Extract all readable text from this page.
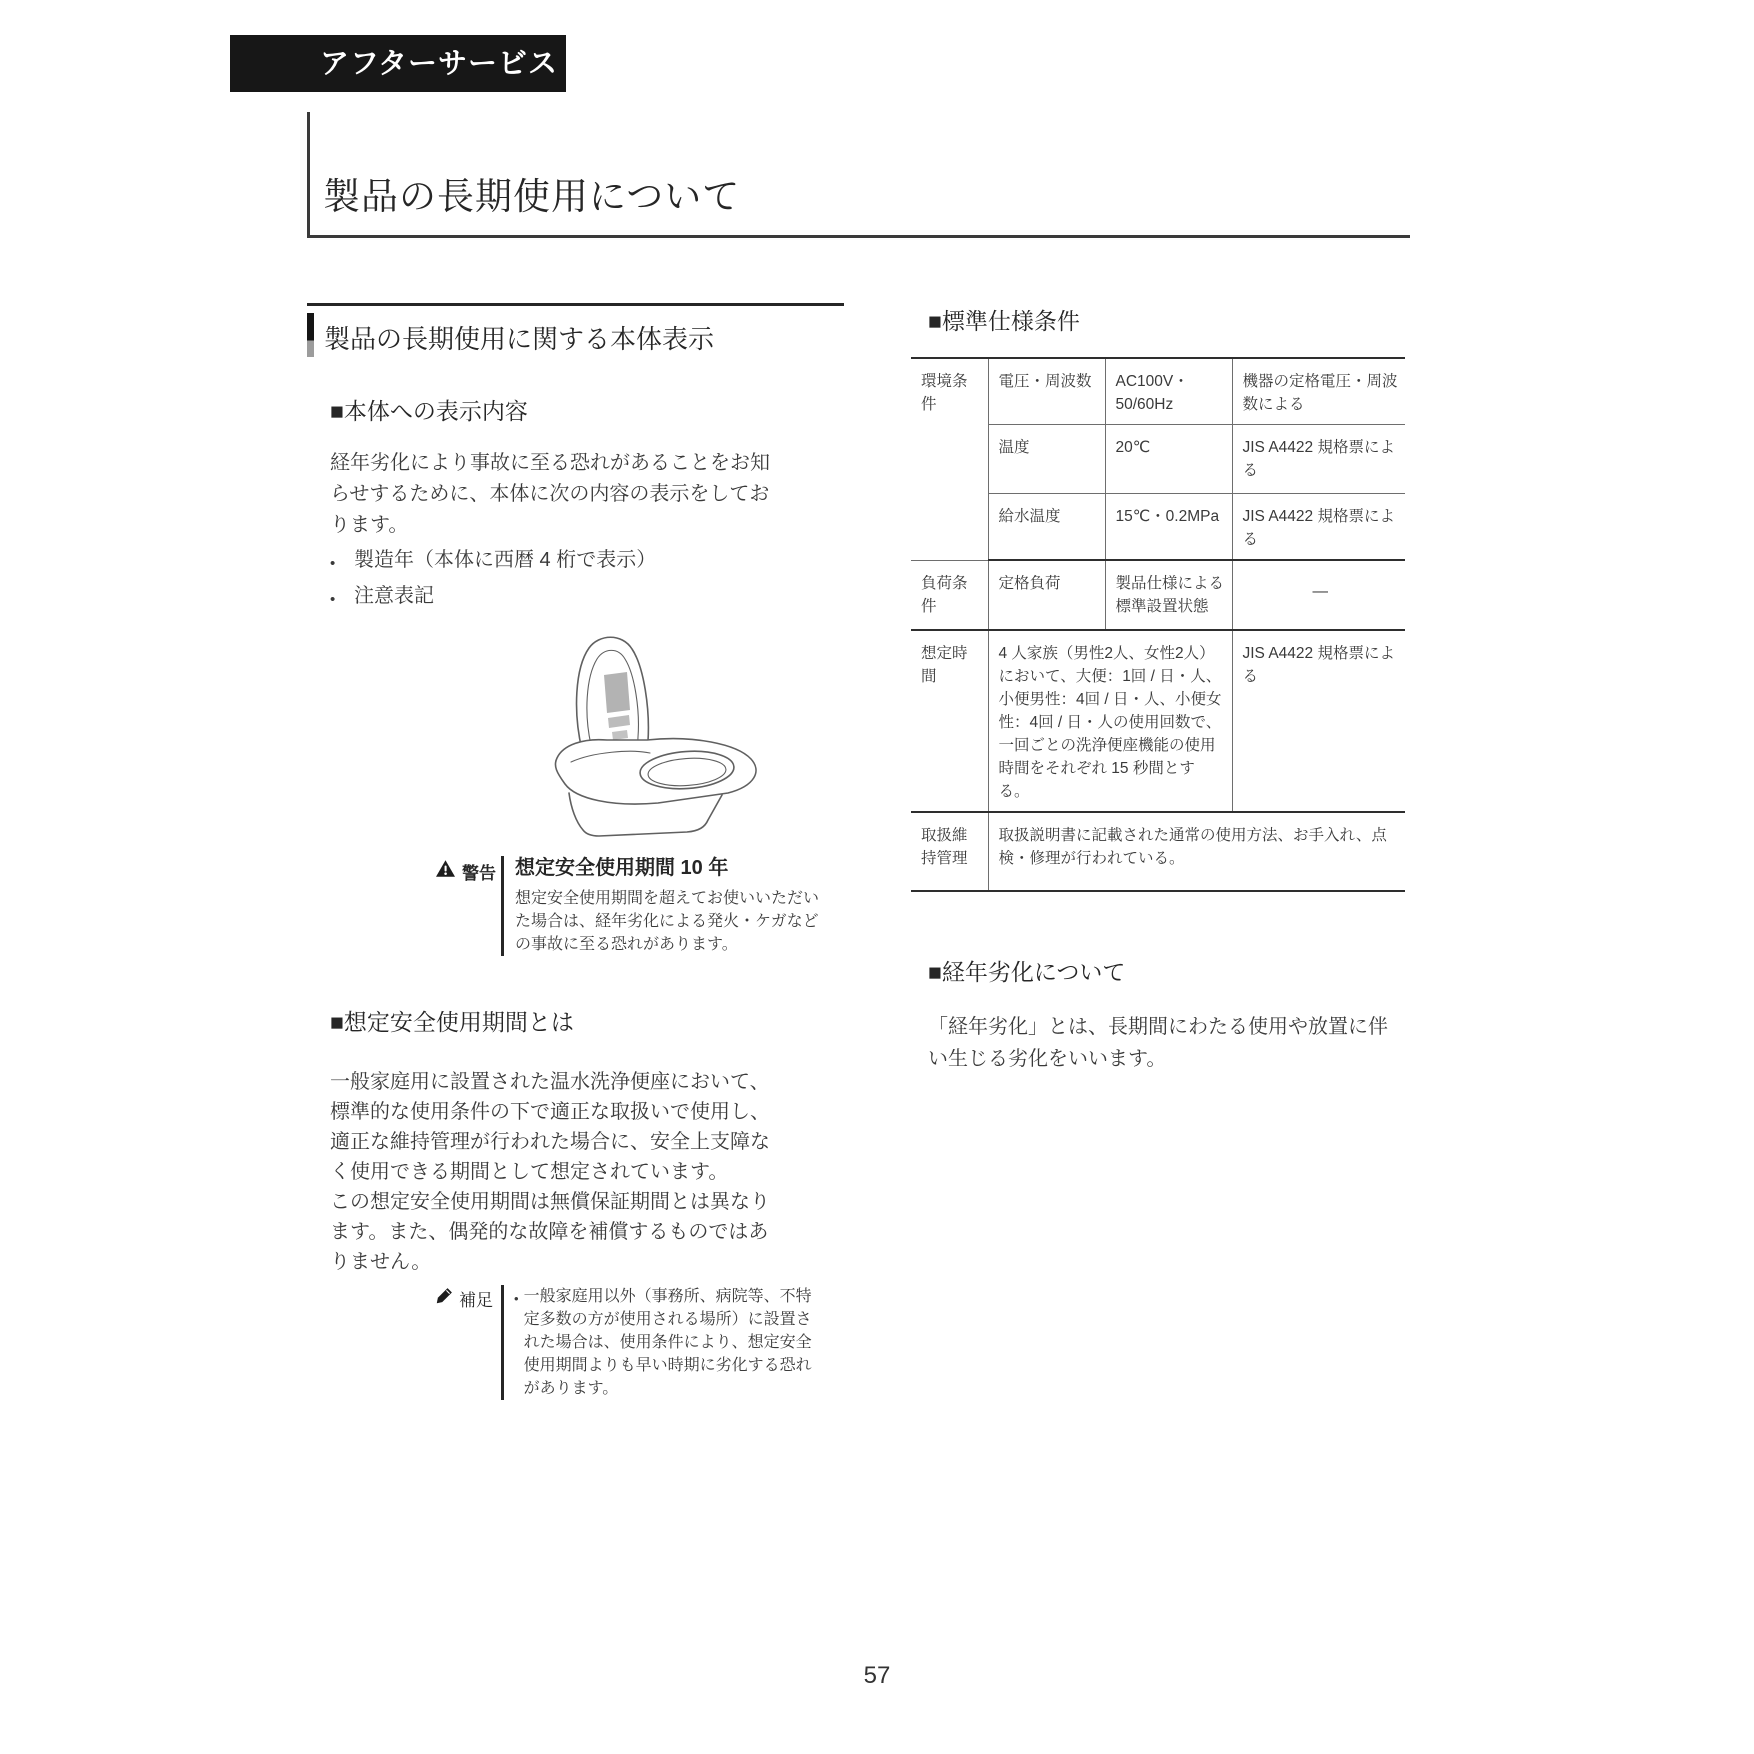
アフターサービス
製品の長期使用について
製品の長期使用に関する本体表示
■本体への表示内容
経年劣化により事故に至る恐れがあることをお知らせするために、本体に次の内容の表示をしております。
• 製造年（本体に西暦 4 桁で表示）
• 注意表記
警告 想定安全使用期間 10 年
想定安全使用期間を超えてお使いいただいた場合は、経年劣化による発火・ケガなどの事故に至る恐れがあります。
■想定安全使用期間とは
一般家庭用に設置された温水洗浄便座において、標準的な使用条件の下で適正な取扱いで使用し、適正な維持管理が行われた場合に、安全上支障なく使用できる期間として想定されています。
この想定安全使用期間は無償保証期間とは異なります。また、偶発的な故障を補償するものではありません。
補足 • 一般家庭用以外（事務所、病院等、不特定多数の方が使用される場所）に設置された場合は、使用条件により、想定安全使用期間よりも早い時期に劣化する恐れがあります。
■標準仕様条件
環境条件	電圧・周波数	AC100V・50/60Hz	機器の定格電圧・周波数による
	温度	20℃	JIS A4422 規格票による
	給水温度	15℃・0.2MPa	JIS A4422 規格票による
負荷条件	定格負荷	製品仕様による標準設置状態	—
想定時間	4 人家族（男性2人、女性2人）において、大便：1回 / 日・人、小便男性：4回 / 日・人、小便女性：4回 / 日・人の使用回数で、一回ごとの洗浄便座機能の使用時間をそれぞれ 15 秒間とする。		JIS A4422 規格票による
取扱維持管理	取扱説明書に記載された通常の使用方法、お手入れ、点検・修理が行われている。		
■経年劣化について
「経年劣化」とは、長期間にわたる使用や放置に伴い生じる劣化をいいます。
57
